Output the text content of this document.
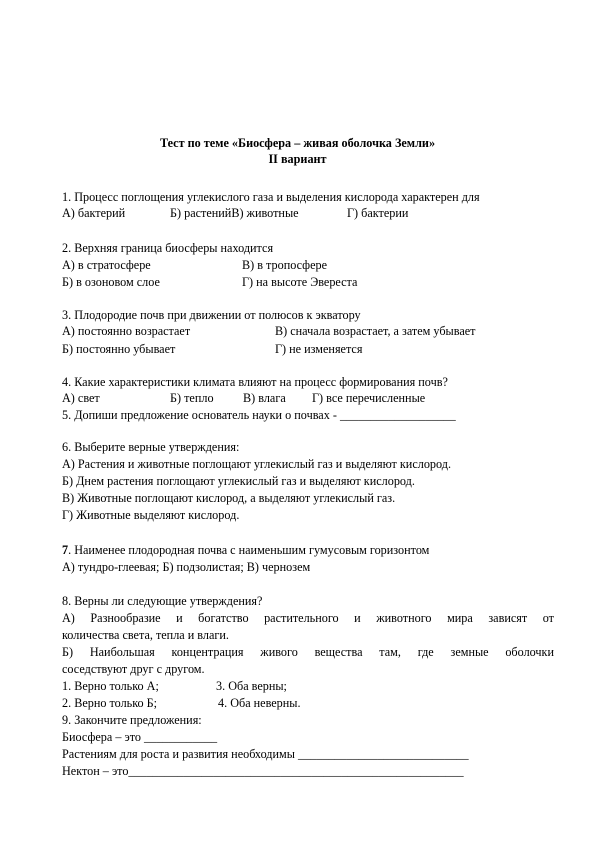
Тест по теме «Биосфера – живая оболочка Земли»
II вариант
1. Процесс поглощения углекислого газа и выделения кислорода характерен для
А) бактерий	Б) растенийВ) животные	Г) бактерии
2. Верхняя граница биосферы находится
А) в стратосфере	В) в тропосфере
Б) в озоновом слое	Г) на высоте Эвереста
3. Плодородие почв при движении от полюсов к экватору
А) постоянно возрастает	В) сначала возрастает, а затем убывает
Б) постоянно убывает	Г) не изменяется
4. Какие характеристики климата влияют на процесс формирования почв?
А) свет	Б) тепло В) влага Г) все перечисленные
5. Допиши предложение основатель науки о почвах - ___________________
6. Выберите верные утверждения:
А) Растения и животные поглощают углекислый газ и выделяют кислород.
Б) Днем растения поглощают углекислый газ и выделяют кислород.
В) Животные поглощают кислород, а выделяют углекислый газ.
Г) Животные выделяют кислород.
7. Наименее плодородная почва с наименьшим гумусовым горизонтом
А) тундро-глеевая; Б) подзолистая; В) чернозем
8. Верны ли следующие утверждения?
А) Разнообразие и богатство растительного и животного мира зависят от
количества света, тепла и влаги.
Б) Наибольшая концентрация живого вещества там, где земные оболочки
соседствуют друг с другом.
1. Верно только А;	3. Оба верны;
2. Верно только Б;	4. Оба неверны.
9. Закончите предложения:
Биосфера – это ____________
Растениям для роста и развития необходимы ____________________________
Нектон – это_______________________________________________________
